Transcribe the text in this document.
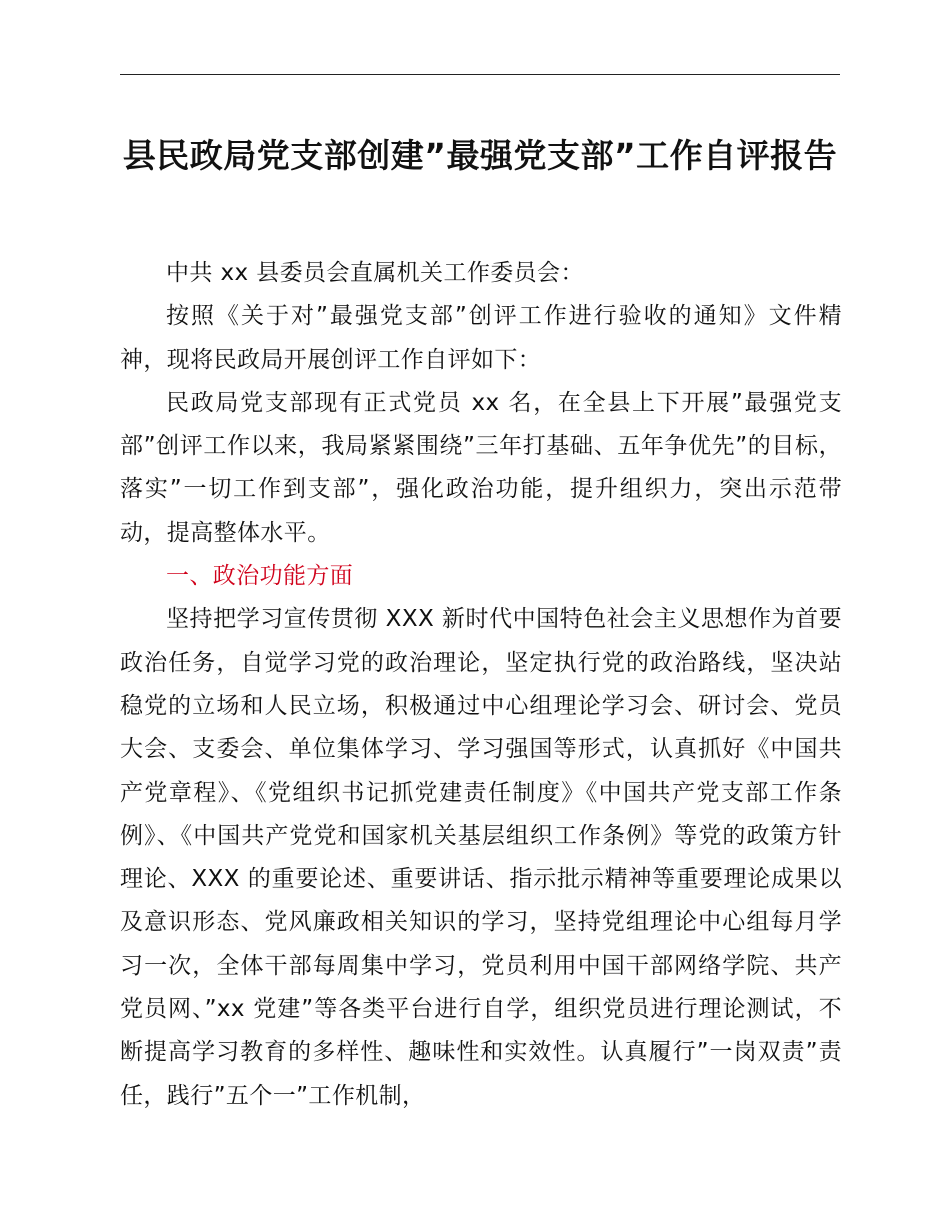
县民政局党支部创建”最强党支部”工作自评报告

中共 xx 县委员会直属机关工作委员会：

按照《关于对”最强党支部”创评工作进行验收的通知》文件精神，现将民政局开展创评工作自评如下：

民政局党支部现有正式党员 xx 名，在全县上下开展”最强党支部”创评工作以来，我局紧紧围绕”三年打基础、五年争优先”的目标，落实”一切工作到支部”，强化政治功能，提升组织力，突出示范带动，提高整体水平。

一、政治功能方面

坚持把学习宣传贯彻 XXX 新时代中国特色社会主义思想作为首要政治任务，自觉学习党的政治理论，坚定执行党的政治路线，坚决站稳党的立场和人民立场，积极通过中心组理论学习会、研讨会、党员大会、支委会、单位集体学习、学习强国等形式，认真抓好《中国共产党章程》、《党组织书记抓党建责任制度》《中国共产党支部工作条例》、《中国共产党党和国家机关基层组织工作条例》等党的政策方针理论、XXX 的重要论述、重要讲话、指示批示精神等重要理论成果以及意识形态、党风廉政相关知识的学习，坚持党组理论中心组每月学习一次，全体干部每周集中学习，党员利用中国干部网络学院、共产党员网、”xx 党建”等各类平台进行自学，组织党员进行理论测试，不断提高学习教育的多样性、趣味性和实效性。认真履行”一岗双责”责任，践行”五个一”工作机制，
